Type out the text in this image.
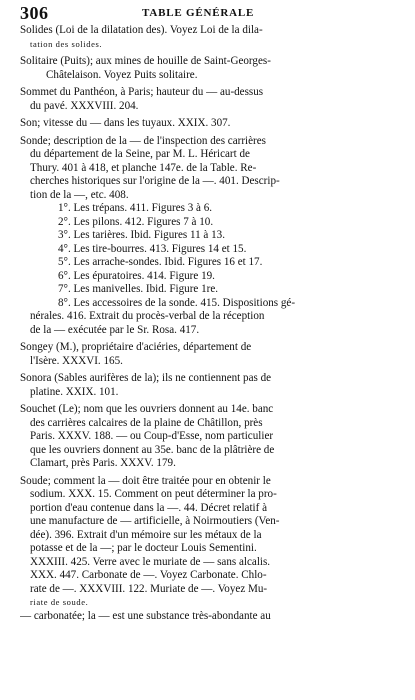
306	TABLE GÉNÉRALE
Solides (Loi de la dilatation des). Voyez Loi de la dila-
tation des solides.
Solitaire (Puits); aux mines de houille de Saint-Georges-
Châtelaison. Voyez Puits solitaire.
Sommet du Panthéon, à Paris; hauteur du — au-dessus
du pavé. XXXVIII. 204.
Son; vitesse du — dans les tuyaux. XXIX. 307.
Sonde; description de la — de l'inspection des carrières
du département de la Seine, par M. L. Héricart de
Thury. 401 à 418, et planche 147e. de la Table. Re-
cherches historiques sur l'origine de la —. 401. Descrip-
tion de la —, etc. 408.
1°. Les trépans. 411. Figures 3 à 6.
2°. Les pilons. 412. Figures 7 à 10.
3°. Les tarières. Ibid. Figures 11 à 13.
4°. Les tire-bourres. 413. Figures 14 et 15.
5°. Les arrache-sondes. Ibid. Figures 16 et 17.
6°. Les épuratoires. 414. Figure 19.
7°. Les manivelles. Ibid. Figure 1re.
8°. Les accessoires de la sonde. 415. Dispositions gé-
nérales. 416. Extrait du procès-verbal de la réception
de la — exécutée par le Sr. Rosa. 417.
Songey (M.), propriétaire d'aciéries, département de
l'Isère. XXXVI. 165.
Sonora (Sables aurifères de la); ils ne contiennent pas de
platine. XXIX. 101.
Souchet (Le); nom que les ouvriers donnent au 14e. banc
des carrières calcaires de la plaine de Châtillon, près
Paris. XXXV. 188. — ou Coup-d'Esse, nom particulier
que les ouvriers donnent au 35e. banc de la plâtrière de
Clamart, près Paris. XXXV. 179.
Soude; comment la — doit être traitée pour en obtenir le
sodium. XXX. 15. Comment on peut déterminer la pro-
portion d'eau contenue dans la —. 44. Décret relatif à
une manufacture de — artificielle, à Noirmoutiers (Ven-
dée). 396. Extrait d'un mémoire sur les métaux de la
potasse et de la —; par le docteur Louis Sementini.
XXXIII. 425. Verre avec le muriate de — sans alcalis.
XXX. 447. Carbonate de —. Voyez Carbonate. Chlo-
rate de —. XXXVIII. 122. Muriate de —. Voyez Mu-
riate de soude.
— carbonatée; la — est une substance très-abondante au
